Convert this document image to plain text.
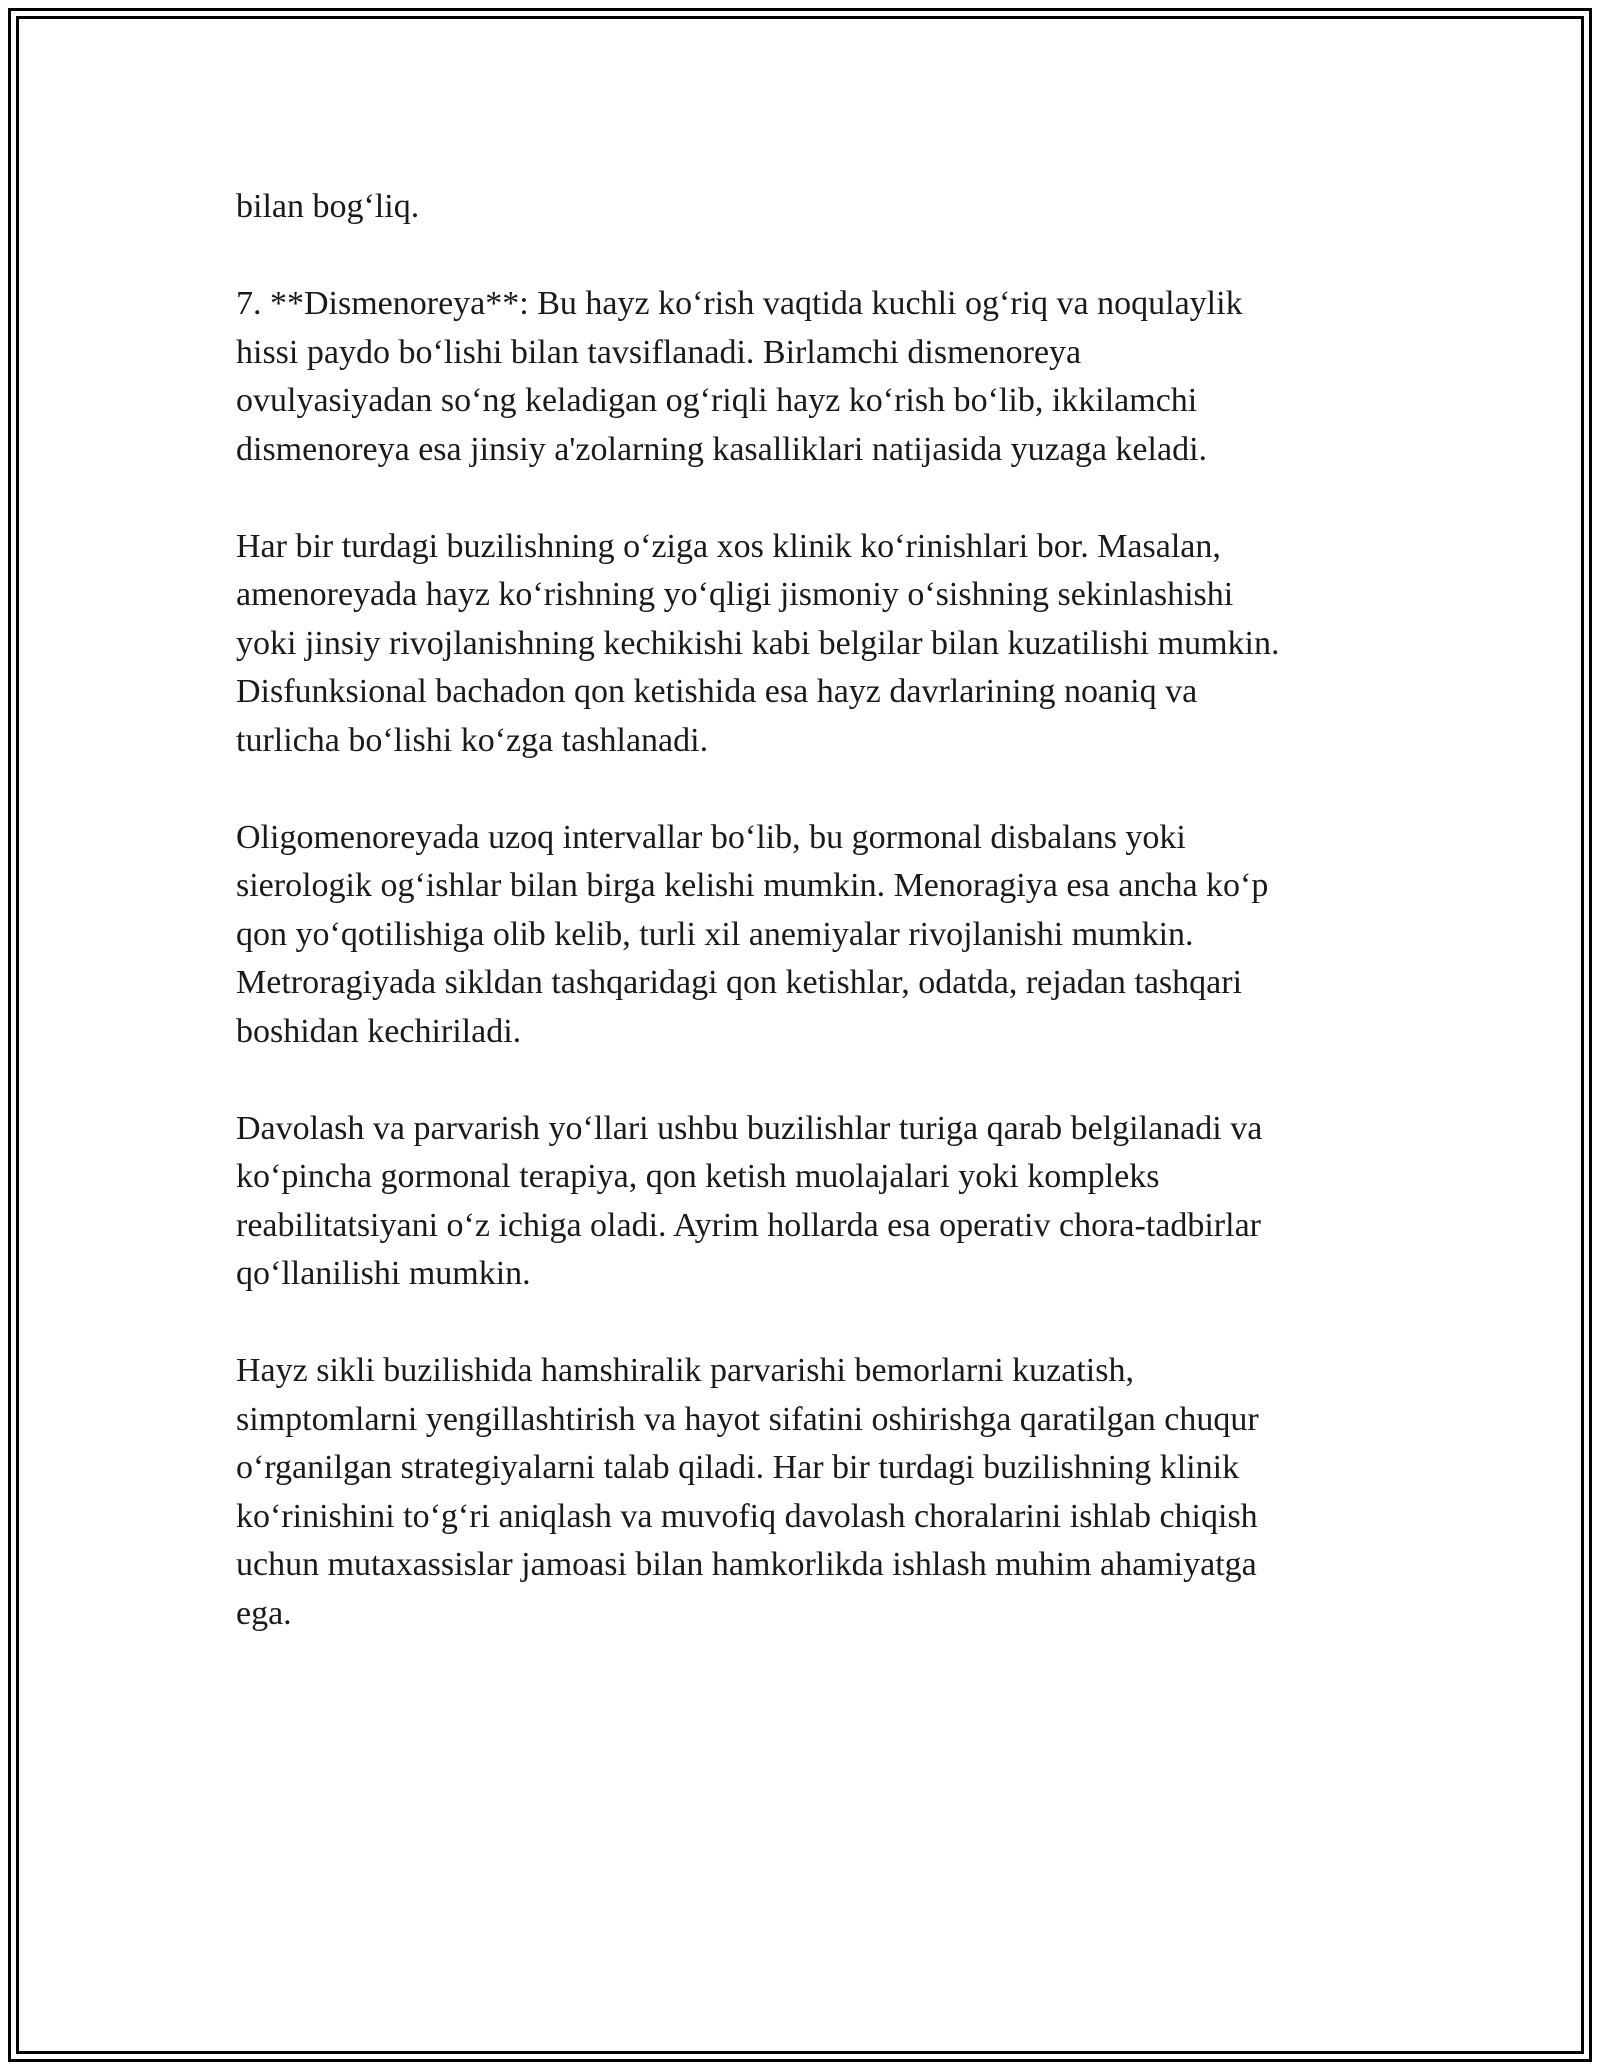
bilan bog‘liq.

7. **Dismenoreya**: Bu hayz ko‘rish vaqtida kuchli og‘riq va noqulaylik
hissi paydo bo‘lishi bilan tavsiflanadi. Birlamchi dismenoreya
ovulyasiyadan so‘ng keladigan og‘riqli hayz ko‘rish bo‘lib, ikkilamchi
dismenoreya esa jinsiy a'zolarning kasalliklari natijasida yuzaga keladi.

Har bir turdagi buzilishning o‘ziga xos klinik ko‘rinishlari bor. Masalan,
amenoreyada hayz ko‘rishning yo‘qligi jismoniy o‘sishning sekinlashishi
yoki jinsiy rivojlanishning kechikishi kabi belgilar bilan kuzatilishi mumkin.
Disfunksional bachadon qon ketishida esa hayz davrlarining noaniq va
turlicha bo‘lishi ko‘zga tashlanadi.

Oligomenoreyada uzoq intervallar bo‘lib, bu gormonal disbalans yoki
sierologik og‘ishlar bilan birga kelishi mumkin. Menoragiya esa ancha ko‘p
qon yo‘qotilishiga olib kelib, turli xil anemiyalar rivojlanishi mumkin.
Metroragiyada sikldan tashqaridagi qon ketishlar, odatda, rejadan tashqari
boshidan kechiriladi.

Davolash va parvarish yo‘llari ushbu buzilishlar turiga qarab belgilanadi va
ko‘pincha gormonal terapiya, qon ketish muolajalari yoki kompleks
reabilitatsiyani o‘z ichiga oladi. Ayrim hollarda esa operativ chora-tadbirlar
qo‘llanilishi mumkin.

Hayz sikli buzilishida hamshiralik parvarishi bemorlarni kuzatish,
simptomlarni yengillashtirish va hayot sifatini oshirishga qaratilgan chuqur
o‘rganilgan strategiyalarni talab qiladi. Har bir turdagi buzilishning klinik
ko‘rinishini to‘g‘ri aniqlash va muvofiq davolash choralarini ishlab chiqish
uchun mutaxassislar jamoasi bilan hamkorlikda ishlash muhim ahamiyatga
ega.
